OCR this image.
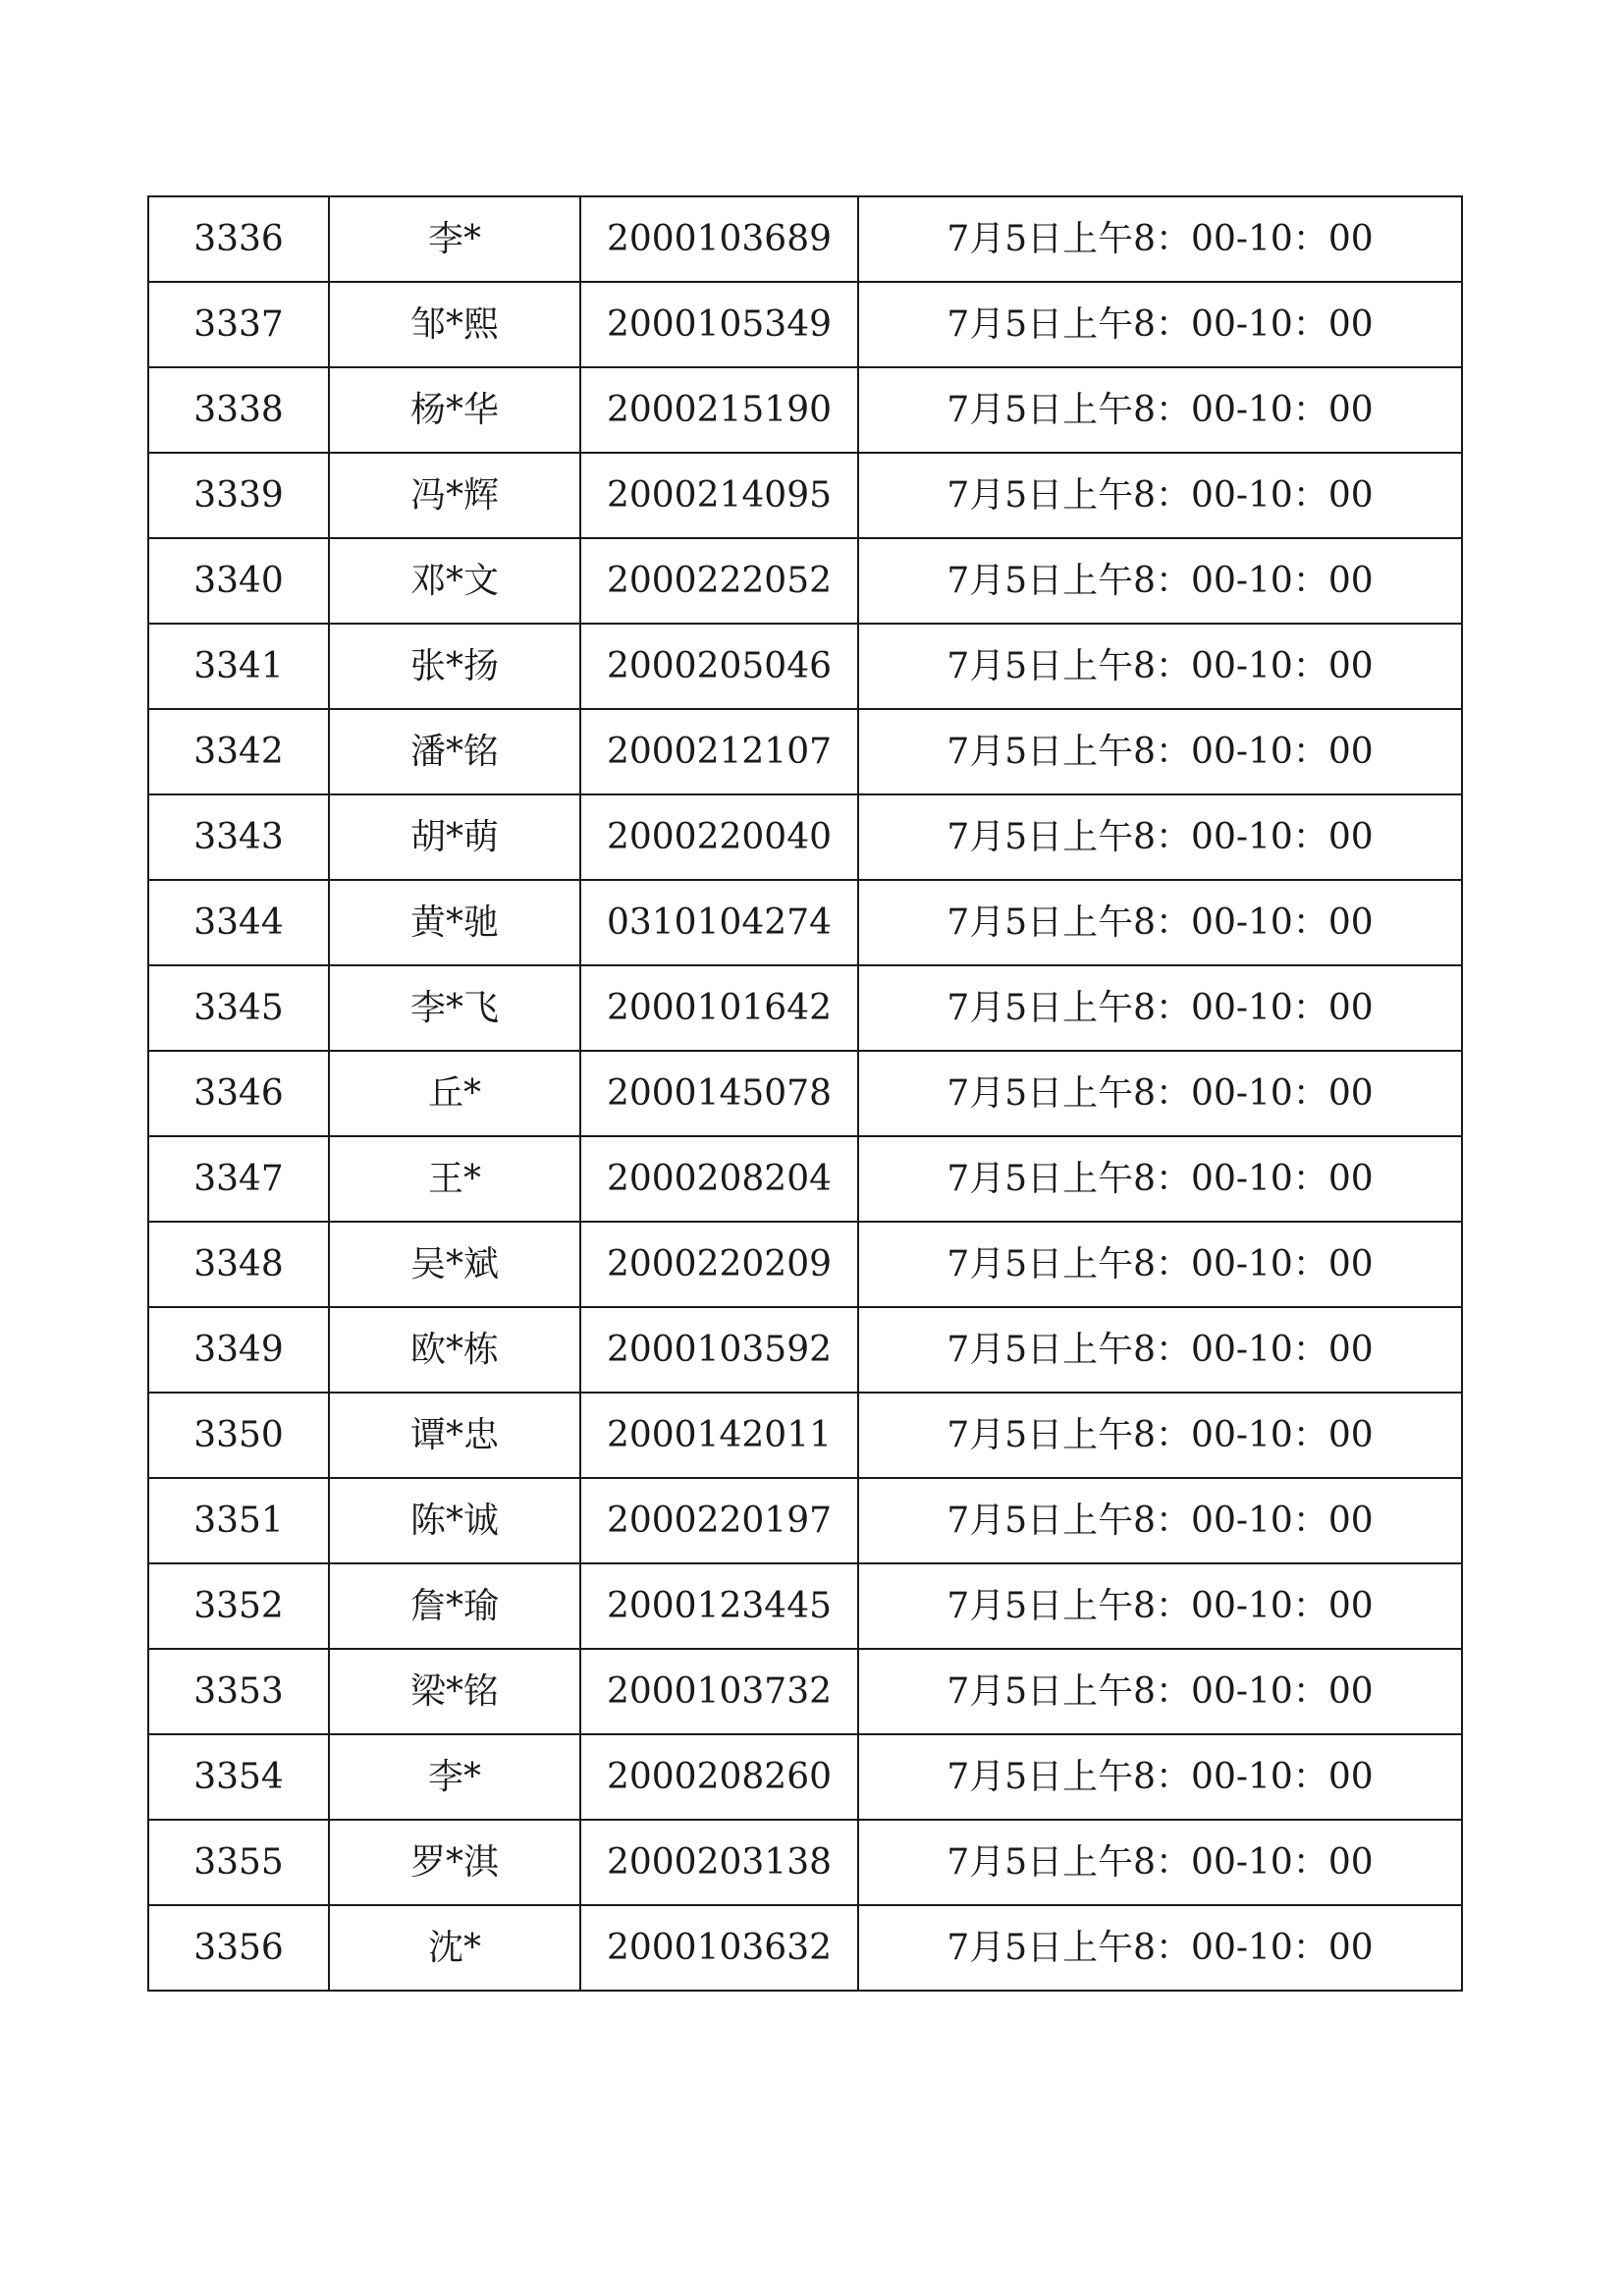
3336	李*	2000103689	7月5日上午8：00-10：00
3337	邹*熙	2000105349	7月5日上午8：00-10：00
3338	杨*华	2000215190	7月5日上午8：00-10：00
3339	冯*辉	2000214095	7月5日上午8：00-10：00
3340	邓*文	2000222052	7月5日上午8：00-10：00
3341	张*扬	2000205046	7月5日上午8：00-10：00
3342	潘*铭	2000212107	7月5日上午8：00-10：00
3343	胡*萌	2000220040	7月5日上午8：00-10：00
3344	黄*驰	0310104274	7月5日上午8：00-10：00
3345	李*飞	2000101642	7月5日上午8：00-10：00
3346	丘*	2000145078	7月5日上午8：00-10：00
3347	王*	2000208204	7月5日上午8：00-10：00
3348	吴*斌	2000220209	7月5日上午8：00-10：00
3349	欧*栋	2000103592	7月5日上午8：00-10：00
3350	谭*忠	2000142011	7月5日上午8：00-10：00
3351	陈*诚	2000220197	7月5日上午8：00-10：00
3352	詹*瑜	2000123445	7月5日上午8：00-10：00
3353	梁*铭	2000103732	7月5日上午8：00-10：00
3354	李*	2000208260	7月5日上午8：00-10：00
3355	罗*淇	2000203138	7月5日上午8：00-10：00
3356	沈*	2000103632	7月5日上午8：00-10：00
